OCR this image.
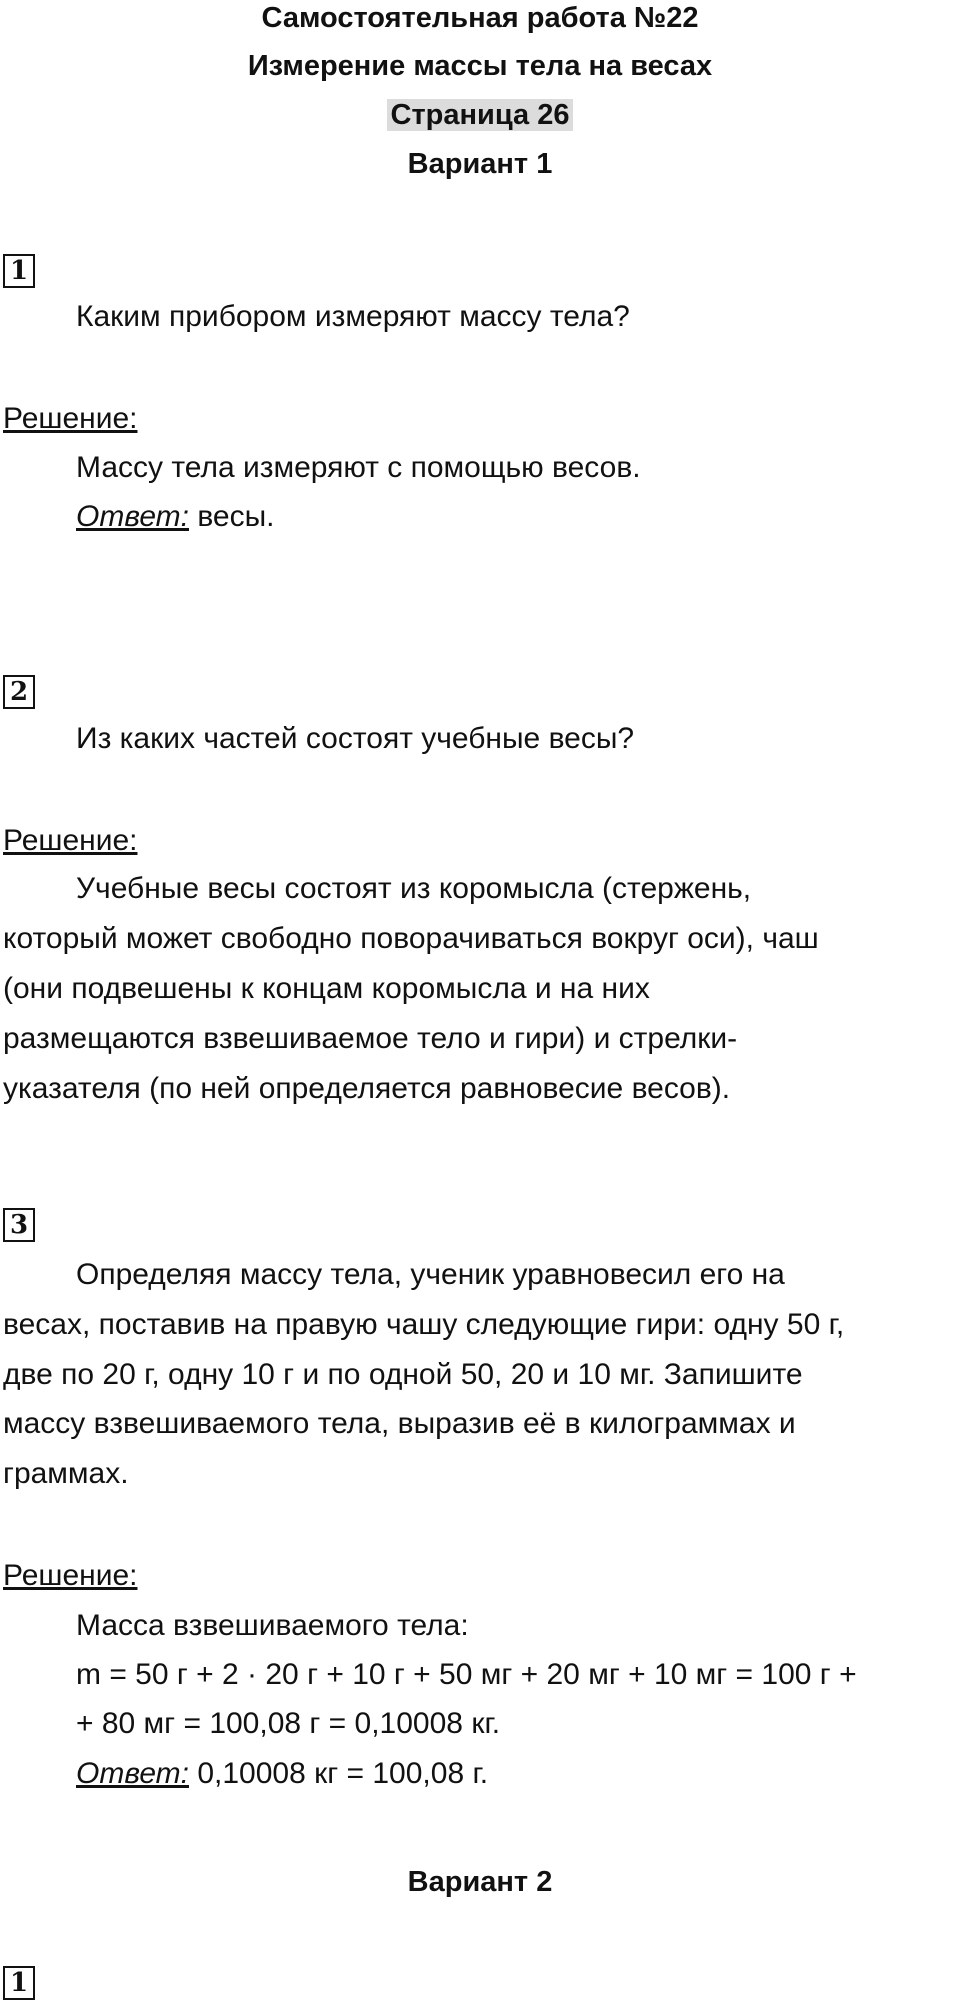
Самостоятельная работа №22
Измерение массы тела на весах
Страница 26
Вариант 1
1
Каким прибором измеряют массу тела?
Решение:
Массу тела измеряют с помощью весов.
Ответ: весы.
2
Из каких частей состоят учебные весы?
Решение:
Учебные весы состоят из коромысла (стержень,
который может свободно поворачиваться вокруг оси), чаш
(они подвешены к концам коромысла и на них
размещаются взвешиваемое тело и гири) и стрелки-
указателя (по ней определяется равновесие весов).
3
Определяя массу тела, ученик уравновесил его на
весах, поставив на правую чашу следующие гири: одну 50 г,
две по 20 г, одну 10 г и по одной 50, 20 и 10 мг. Запишите
массу взвешиваемого тела, выразив её в килограммах и
граммах.
Решение:
Масса взвешиваемого тела:
m = 50 г + 2 · 20 г + 10 г + 50 мг + 20 мг + 10 мг = 100 г +
+ 80 мг = 100,08 г = 0,10008 кг.
Ответ: 0,10008 кг = 100,08 г.
Вариант 2
1
